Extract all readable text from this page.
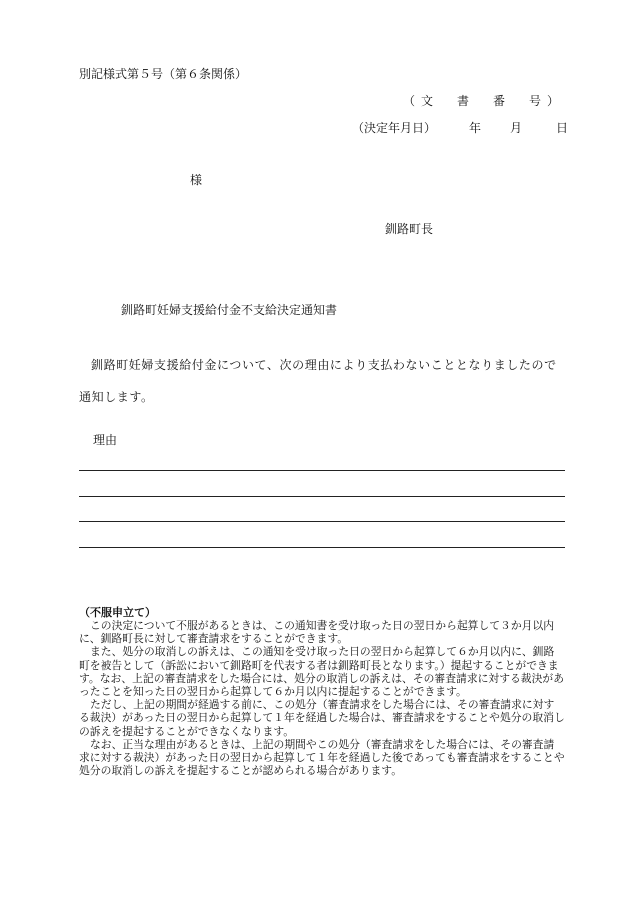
別記様式第５号（第６条関係）
（文　書　番　号）
（決定年月日）	年 月	日
様
釧路町長
釧路町妊婦支援給付金不支給決定通知書
釧路町妊婦支援給付金について、次の理由により支払わないこととなりましたので通知します。
理由

（不服申立て）

この決定について不服があるときは、この通知書を受け取った日の翌日から起算して３か月以内に、釧路町長に対して審査請求をすることができます。

また、処分の取消しの訴えは、この通知を受け取った日の翌日から起算して６か月以内に、釧路町を被告として（訴訟において釧路町を代表する者は釧路町長となります。）提起することができます。なお、上記の審査請求をした場合には、処分の取消しの訴えは、その審査請求に対する裁決があったことを知った日の翌日から起算して６か月以内に提起することができます。

ただし、上記の期間が経過する前に、この処分（審査請求をした場合には、その審査請求に対する裁決）があった日の翌日から起算して１年を経過した場合は、審査請求をすることや処分の取消しの訴えを提起することができなくなります。

なお、正当な理由があるときは、上記の期間やこの処分（審査請求をした場合には、その審査請求に対する裁決）があった日の翌日から起算して１年を経過した後であっても審査請求をすることや処分の取消しの訴えを提起することが認められる場合があります。
